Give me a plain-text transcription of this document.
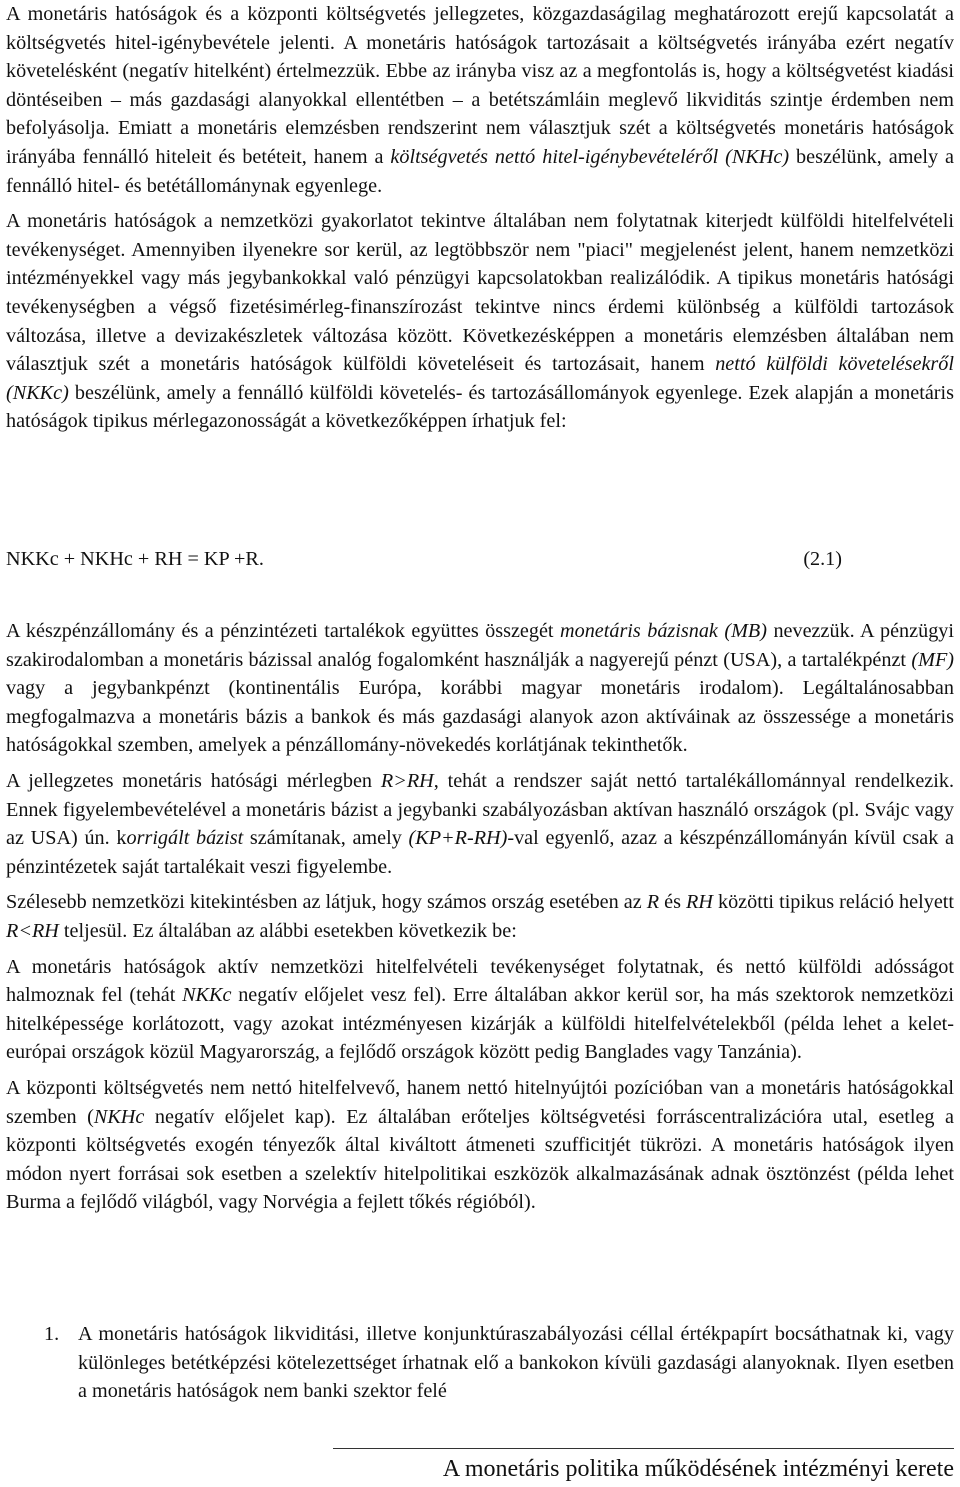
A monetáris hatóságok és a központi költségvetés jellegzetes, közgazdaságilag meghatározott erejű kapcsolatát a költségvetés hitel-igénybevétele jelenti. A monetáris hatóságok tartozásait a költségvetés irányába ezért negatív követelésként (negatív hitelként) értelmezzük. Ebbe az irányba visz az a megfontolás is, hogy a költségvetést kiadási döntéseiben – más gazdasági alanyokkal ellentétben – a betétszámláin meglevő likviditás szintje érdemben nem befolyásolja. Emiatt a monetáris elemzésben rendszerint nem választjuk szét a költségvetés monetáris hatóságok irányába fennálló hiteleit és betéteit, hanem a költségvetés nettó hitel-igénybevételéről (NKHc) beszélünk, amely a fennálló hitel- és betétállománynak egyenlege.

A monetáris hatóságok a nemzetközi gyakorlatot tekintve általában nem folytatnak kiterjedt külföldi hitelfelvételi tevékenységet. Amennyiben ilyenekre sor kerül, az legtöbbször nem "piaci" megjelenést jelent, hanem nemzetközi intézményekkel vagy más jegybankokkal való pénzügyi kapcsolatokban realizálódik. A tipikus monetáris hatósági tevékenységben a végső fizetésimérleg-finanszírozást tekintve nincs érdemi különbség a külföldi tartozások változása, illetve a devizakészletek változása között. Következésképpen a monetáris elemzésben általában nem választjuk szét a monetáris hatóságok külföldi követeléseit és tartozásait, hanem nettó külföldi követelésekről (NKKc) beszélünk, amely a fennálló külföldi követelés- és tartozásállományok egyenlege. Ezek alapján a monetáris hatóságok tipikus mérlegazonosságát a következőképpen írhatjuk fel:

NKKc + NKHc + RH = KP +R.	(2.1)

A készpénzállomány és a pénzintézeti tartalékok együttes összegét monetáris bázisnak (MB) nevezzük. A pénzügyi szakirodalomban a monetáris bázissal analóg fogalomként használják a nagyerejű pénzt (USA), a tartalékpénzt (MF) vagy a jegybankpénzt (kontinentális Európa, korábbi magyar monetáris irodalom). Legáltalánosabban megfogalmazva a monetáris bázis a bankok és más gazdasági alanyok azon aktíváinak az összessége a monetáris hatóságokkal szemben, amelyek a pénzállomány-növekedés korlátjának tekinthetők.

A jellegzetes monetáris hatósági mérlegben R>RH, tehát a rendszer saját nettó tartalékállománnyal rendelkezik. Ennek figyelembevételével a monetáris bázist a jegybanki szabályozásban aktívan használó országok (pl. Svájc vagy az USA) ún. korrigált bázist számítanak, amely (KP+R-RH)-val egyenlő, azaz a készpénzállományán kívül csak a pénzintézetek saját tartalékait veszi figyelembe.

Szélesebb nemzetközi kitekintésben az látjuk, hogy számos ország esetében az R és RH közötti tipikus reláció helyett R<RH teljesül. Ez általában az alábbi esetekben következik be:

A monetáris hatóságok aktív nemzetközi hitelfelvételi tevékenységet folytatnak, és nettó külföldi adósságot halmoznak fel (tehát NKKc negatív előjelet vesz fel). Erre általában akkor kerül sor, ha más szektorok nemzetközi hitelképessége korlátozott, vagy azokat intézményesen kizárják a külföldi hitelfelvételekből (példa lehet a kelet-európai országok közül Magyarország, a fejlődő országok között pedig Banglades vagy Tanzánia).

A központi költségvetés nem nettó hitelfelvevő, hanem nettó hitelnyújtói pozícióban van a monetáris hatóságokkal szemben (NKHc negatív előjelet kap). Ez általában erőteljes költségvetési forráscentralizációra utal, esetleg a központi költségvetés exogén tényezők által kiváltott átmeneti szufficitjét tükrözi. A monetáris hatóságok ilyen módon nyert forrásai sok esetben a szelektív hitelpolitikai eszközök alkalmazásának adnak ösztönzést (példa lehet Burma a fejlődő világból, vagy Norvégia a fejlett tőkés régióból).

1. A monetáris hatóságok likviditási, illetve konjunktúraszabályozási céllal értékpapírt bocsáthatnak ki, vagy különleges betétképzési kötelezettséget írhatnak elő a bankokon kívüli gazdasági alanyoknak. Ilyen esetben a monetáris hatóságok nem banki szektor felé
A monetáris politika működésének intézményi kerete
